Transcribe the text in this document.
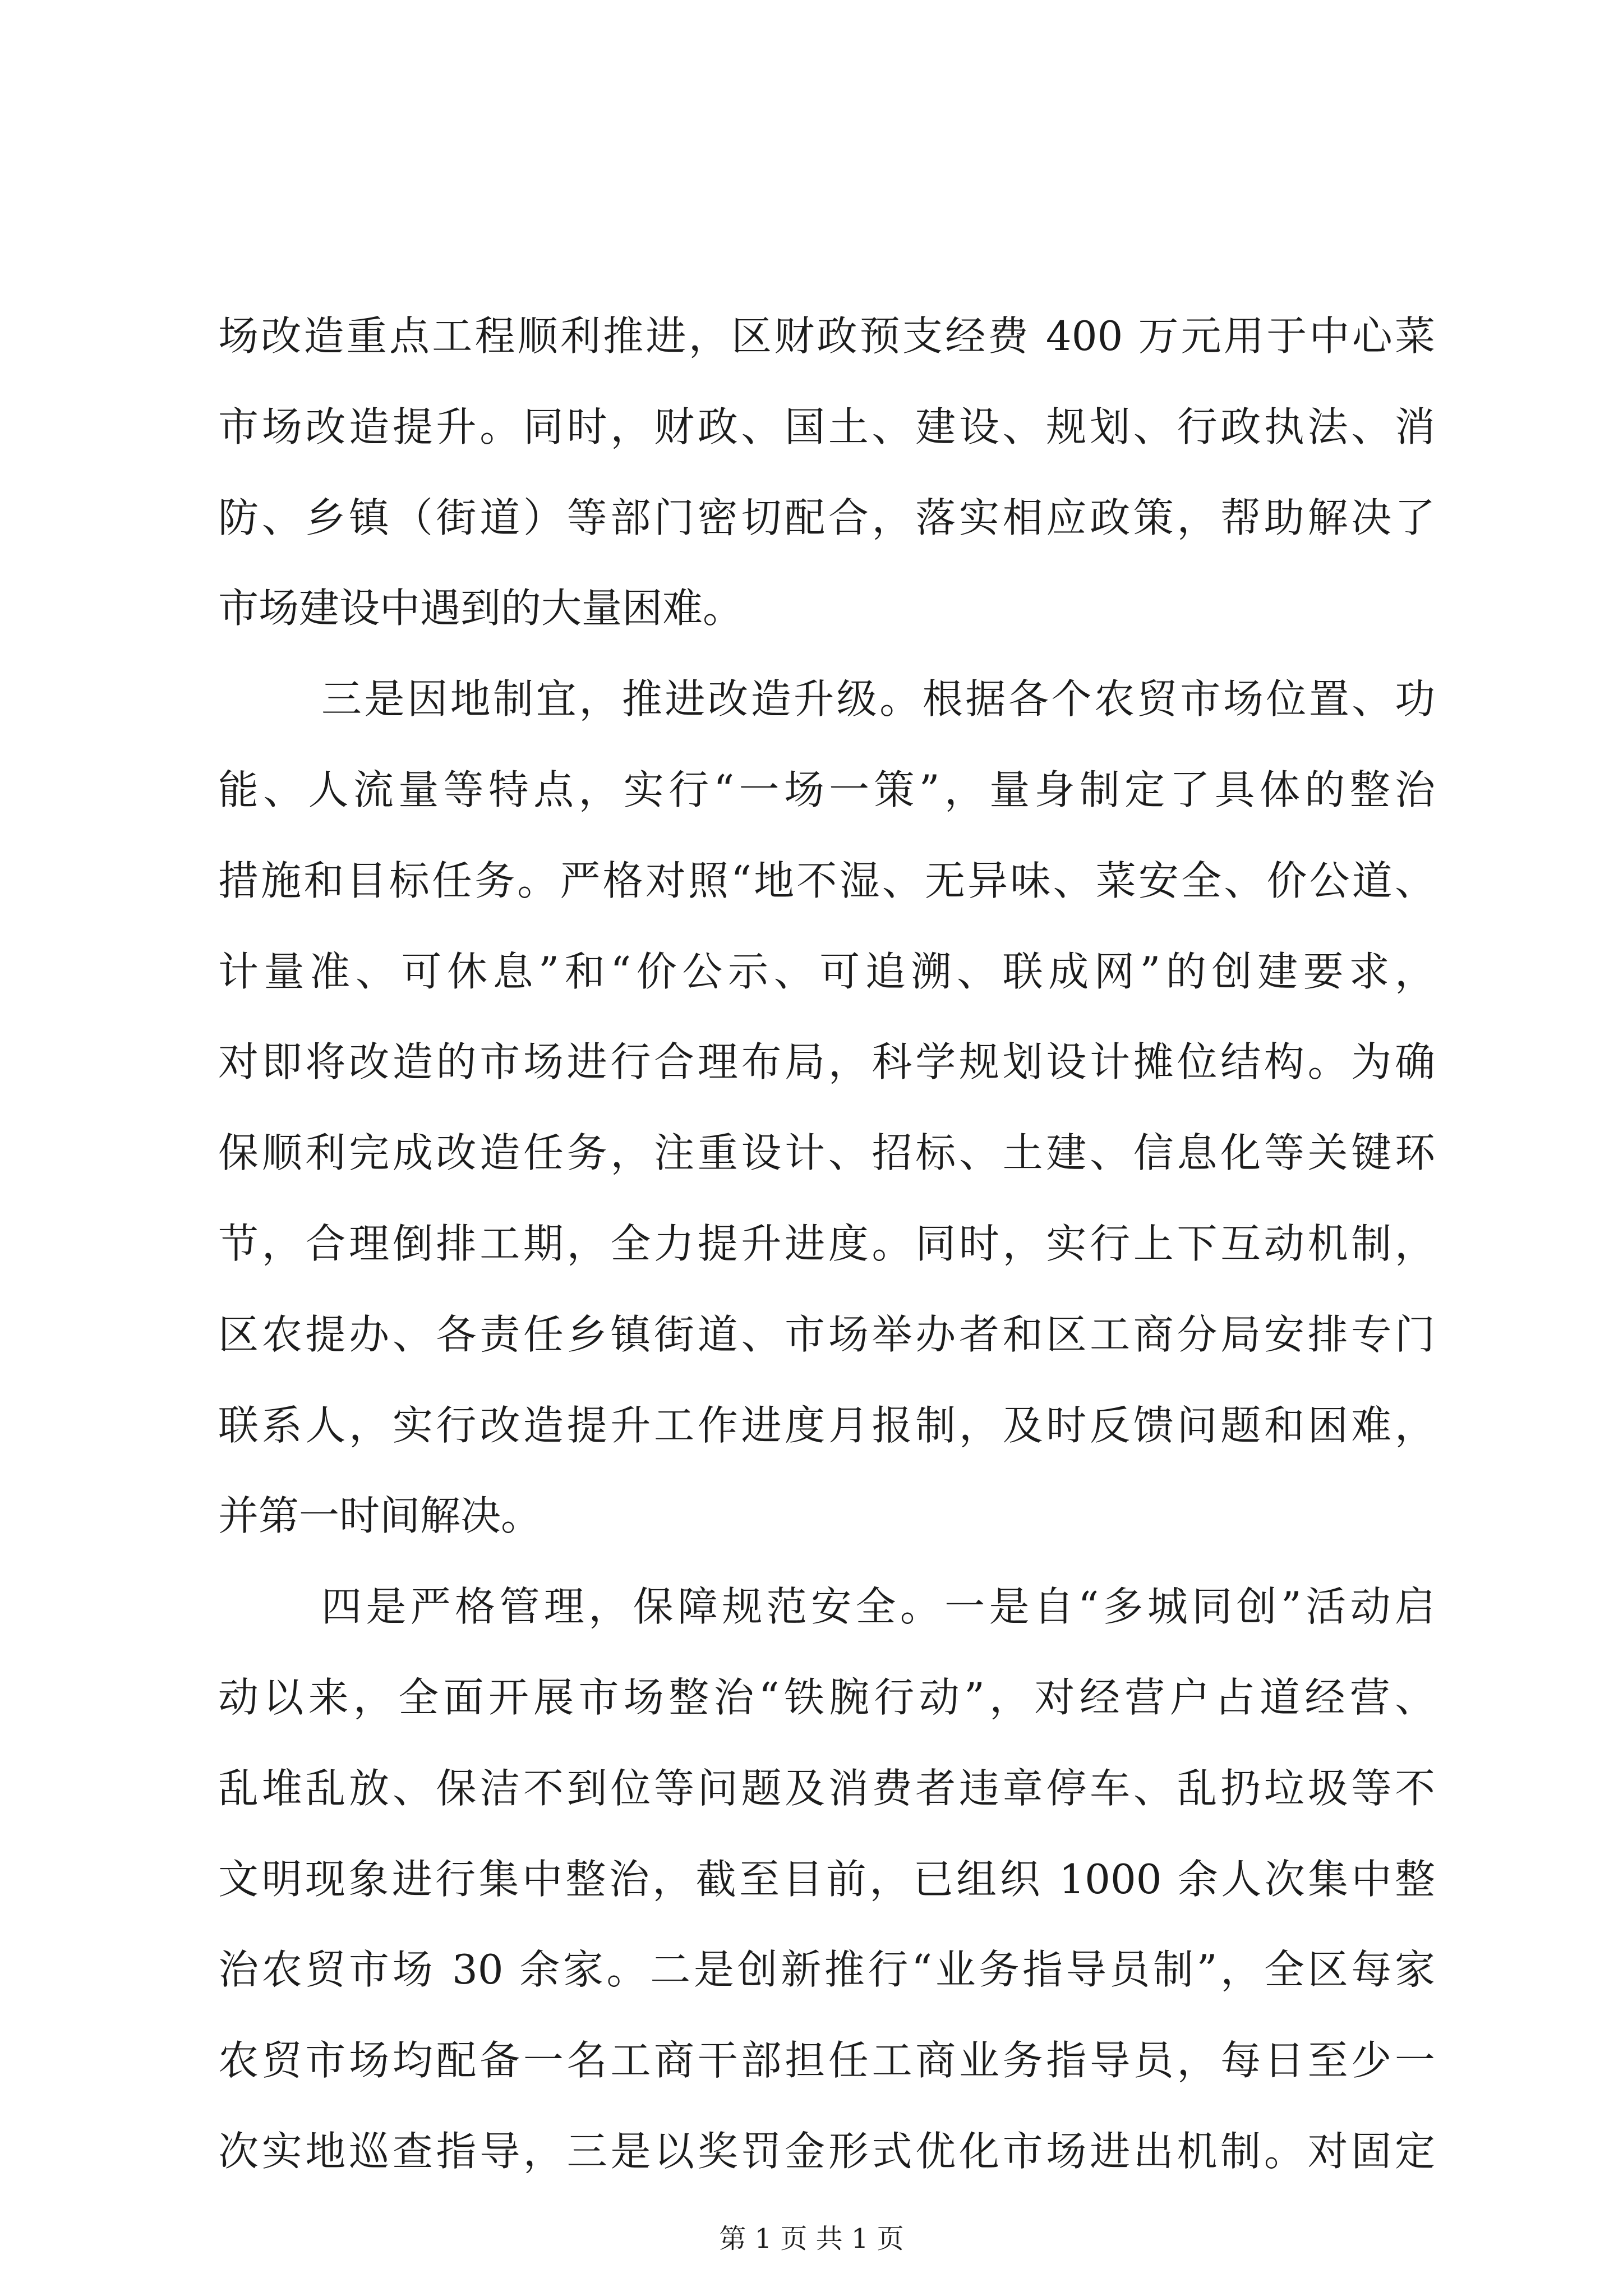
场改造重点工程顺利推进，区财政预支经费 400 万元用于中心菜
市场改造提升。同时，财政、国土、建设、规划、行政执法、消
防、乡镇（街道）等部门密切配合，落实相应政策，帮助解决了
市场建设中遇到的大量困难。
三是因地制宜，推进改造升级。根据各个农贸市场位置、功
能、人流量等特点，实行“一场一策”，量身制定了具体的整治
措施和目标任务。严格对照“地不湿、无异味、菜安全、价公道、
计量准、可休息”和“价公示、可追溯、联成网”的创建要求，
对即将改造的市场进行合理布局，科学规划设计摊位结构。为确
保顺利完成改造任务，注重设计、招标、土建、信息化等关键环
节，合理倒排工期，全力提升进度。同时，实行上下互动机制，
区农提办、各责任乡镇街道、市场举办者和区工商分局安排专门
联系人，实行改造提升工作进度月报制，及时反馈问题和困难，
并第一时间解决。
四是严格管理，保障规范安全。一是自“多城同创”活动启
动以来，全面开展市场整治“铁腕行动”，对经营户占道经营、
乱堆乱放、保洁不到位等问题及消费者违章停车、乱扔垃圾等不
文明现象进行集中整治，截至目前，已组织 1000 余人次集中整
治农贸市场 30 余家。二是创新推行“业务指导员制”，全区每家
农贸市场均配备一名工商干部担任工商业务指导员，每日至少一
次实地巡查指导，三是以奖罚金形式优化市场进出机制。对固定
第 1 页 共 1 页
